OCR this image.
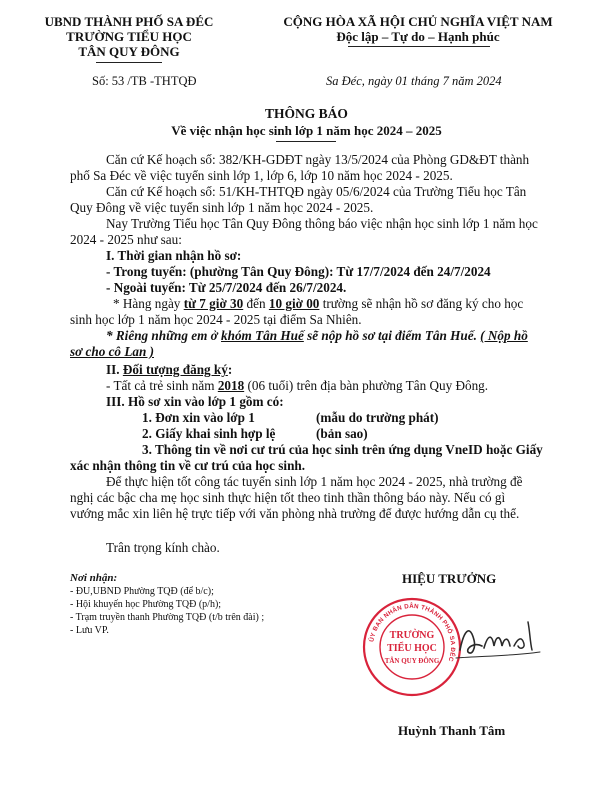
UBND THÀNH PHỐ SA ĐÉC
TRƯỜNG TIỂU HỌC
TÂN QUY ĐÔNG
CỘNG HÒA XÃ HỘI CHỦ NGHĨA VIỆT NAM
Độc lập – Tự do – Hạnh phúc
Số: 53 /TB -THTQĐ	Sa Đéc, ngày 01 tháng 7 năm 2024
THÔNG BÁO
Về việc nhận học sinh lớp 1 năm học 2024 – 2025
Căn cứ Kế hoạch số: 382/KH-GDĐT ngày 13/5/2024 của Phòng GD&ĐT thành
phố Sa Đéc về việc tuyển sinh lớp 1, lớp 6, lớp 10 năm học 2024 - 2025.
Căn cứ Kế hoạch số: 51/KH-THTQĐ ngày 05/6/2024 của Trường Tiểu học Tân
Quy Đông về việc tuyển sinh lớp 1 năm học 2024 - 2025.
Nay Trường Tiểu học Tân Quy Đông thông báo việc nhận học sinh lớp 1 năm học
2024 - 2025 như sau:
I. Thời gian nhận hồ sơ:
- Trong tuyến: (phường Tân Quy Đông): Từ 17/7/2024 đến 24/7/2024
- Ngoài tuyến: Từ 25/7/2024 đến 26/7/2024.
* Hàng ngày từ 7 giờ 30 đến 10 giờ 00 trường sẽ nhận hồ sơ đăng ký cho học
sinh học lớp 1 năm học 2024 - 2025 tại điểm Sa Nhiên.
* Riêng những em ở khóm Tân Huế sẽ nộp hồ sơ tại điểm Tân Huế. ( Nộp hồ
sơ cho cô Lan )
II. Đối tượng đăng ký:
- Tất cả trẻ sinh năm 2018 (06 tuổi) trên địa bàn phường Tân Quy Đông.
III. Hồ sơ xin vào lớp 1 gồm có:
1. Đơn xin vào lớp 1	(mẫu do trường phát)
2. Giấy khai sinh hợp lệ	(bản sao)
3. Thông tin về nơi cư trú của học sinh trên ứng dụng VneID hoặc Giấy
xác nhận thông tin về cư trú của học sinh.
Để thực hiện tốt công tác tuyển sinh lớp 1 năm học 2024 - 2025, nhà trường đề
nghị các bậc cha mẹ học sinh thực hiện tốt theo tinh thần thông báo này. Nếu có gì
vướng mắc xin liên hệ trực tiếp với văn phòng nhà trường để được hướng dẫn cụ thể.
Trân trọng kính chào.
Nơi nhận:
- ĐU,UBND Phường TQĐ (để b/c);
- Hội khuyến học Phường TQĐ (p/h);
- Trạm truyền thanh Phường TQĐ (t/b trên đài) ;
- Lưu VP.
HIỆU TRƯỞNG
ỦY BAN NHÂN DÂN THÀNH PHỐ SA ĐÉC
TRƯỜNG
TIỂU HỌC
TÂN QUY ĐÔNG
Huỳnh Thanh Tâm
